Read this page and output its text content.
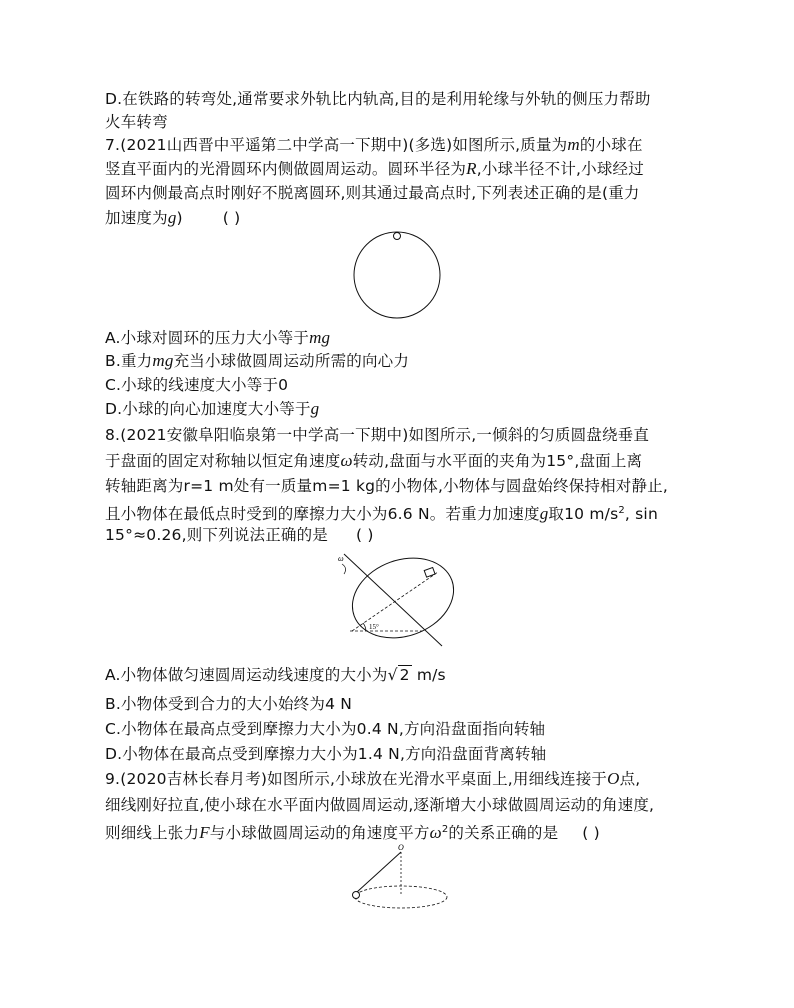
D.在铁路的转弯处,通常要求外轨比内轨高,目的是利用轮缘与外轨的侧压力帮助
火车转弯
7.(2021山西晋中平遥第二中学高一下期中)(多选)如图所示,质量为m的小球在
竖直平面内的光滑圆环内侧做圆周运动。圆环半径为R,小球半径不计,小球经过
圆环内侧最高点时刚好不脱离圆环,则其通过最高点时,下列表述正确的是(重力
加速度为g)	( )
A.小球对圆环的压力大小等于mg
B.重力mg充当小球做圆周运动所需的向心力
C.小球的线速度大小等于0
D.小球的向心加速度大小等于g
8.(2021安徽阜阳临泉第一中学高一下期中)如图所示,一倾斜的匀质圆盘绕垂直
于盘面的固定对称轴以恒定角速度ω转动,盘面与水平面的夹角为15°,盘面上离
转轴距离为r=1 m处有一质量m=1 kg的小物体,小物体与圆盘始终保持相对静止,
且小物体在最低点时受到的摩擦力大小为6.6 N。若重力加速度g取10 $m/s^2$, sin
15°≈0.26,则下列说法正确的是 ( )
15°
ω
A.小物体做匀速圆周运动线速度的大小为√ 2 m/s
B.小物体受到合力的大小始终为4 N
C.小物体在最高点受到摩擦力大小为0.4 N,方向沿盘面指向转轴
D.小物体在最高点受到摩擦力大小为1.4 N,方向沿盘面背离转轴
9.(2020吉林长春月考)如图所示,小球放在光滑水平桌面上,用细线连接于O点,
细线刚好拉直,使小球在水平面内做圆周运动,逐渐增大小球做圆周运动的角速度,
则细线上张力F与小球做圆周运动的角速度平方$\omega^2$的关系正确的是 ( )
O
